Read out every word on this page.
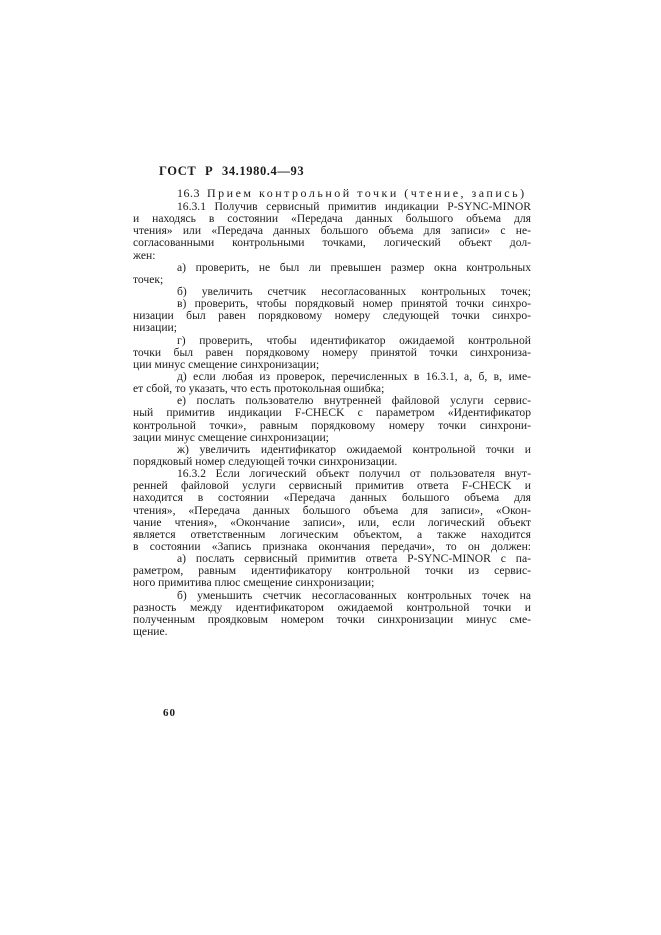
ГОСТ Р 34.1980.4—93
16.3 Прием контрольной точки (чтение, запись)
16.3.1 Получив сервисный примитив индикации P-SYNC-MINOR
и находясь в состоянии «Передача данных большого объема для
чтения» или «Передача данных большого объема для записи» с не-
согласованными контрольными точками, логический объект дол-
жен:
а) проверить, не был ли превышен размер окна контрольных
точек;
б) увеличить счетчик несогласованных контрольных точек;
в) проверить, чтобы порядковый номер принятой точки синхро-
низации был равен порядковому номеру следующей точки синхро-
низации;
г) проверить, чтобы идентификатор ожидаемой контрольной
точки был равен порядковому номеру принятой точки синхрониза-
ции минус смещение синхронизации;
д) если любая из проверок, перечисленных в 16.3.1, а, б, в, име-
ет сбой, то указать, что есть протокольная ошибка;
е) послать пользователю внутренней файловой услуги сервис-
ный примитив индикации F-CHECK с параметром «Идентификатор
контрольной точки», равным порядковому номеру точки синхрони-
зации минус смещение синхронизации;
ж) увеличить идентификатор ожидаемой контрольной точки и
порядковый номер следующей точки синхронизации.
16.3.2 Если логический объект получил от пользователя внут-
ренней файловой услуги сервисный примитив ответа F-CHECK и
находится в состоянии «Передача данных большого объема для
чтения», «Передача данных большого объема для записи», «Окон-
чание чтения», «Окончание записи», или, если логический объект
является ответственным логическим объектом, а также находится
в состоянии «Запись признака окончания передачи», то он должен:
а) послать сервисный примитив ответа P-SYNC-MINOR с па-
раметром, равным идентификатору контрольной точки из сервис-
ного примитива плюс смещение синхронизации;
б) уменьшить счетчик несогласованных контрольных точек на
разность между идентификатором ожидаемой контрольной точки и
полученным проядковым номером точки синхронизации минус сме-
щение.
60
